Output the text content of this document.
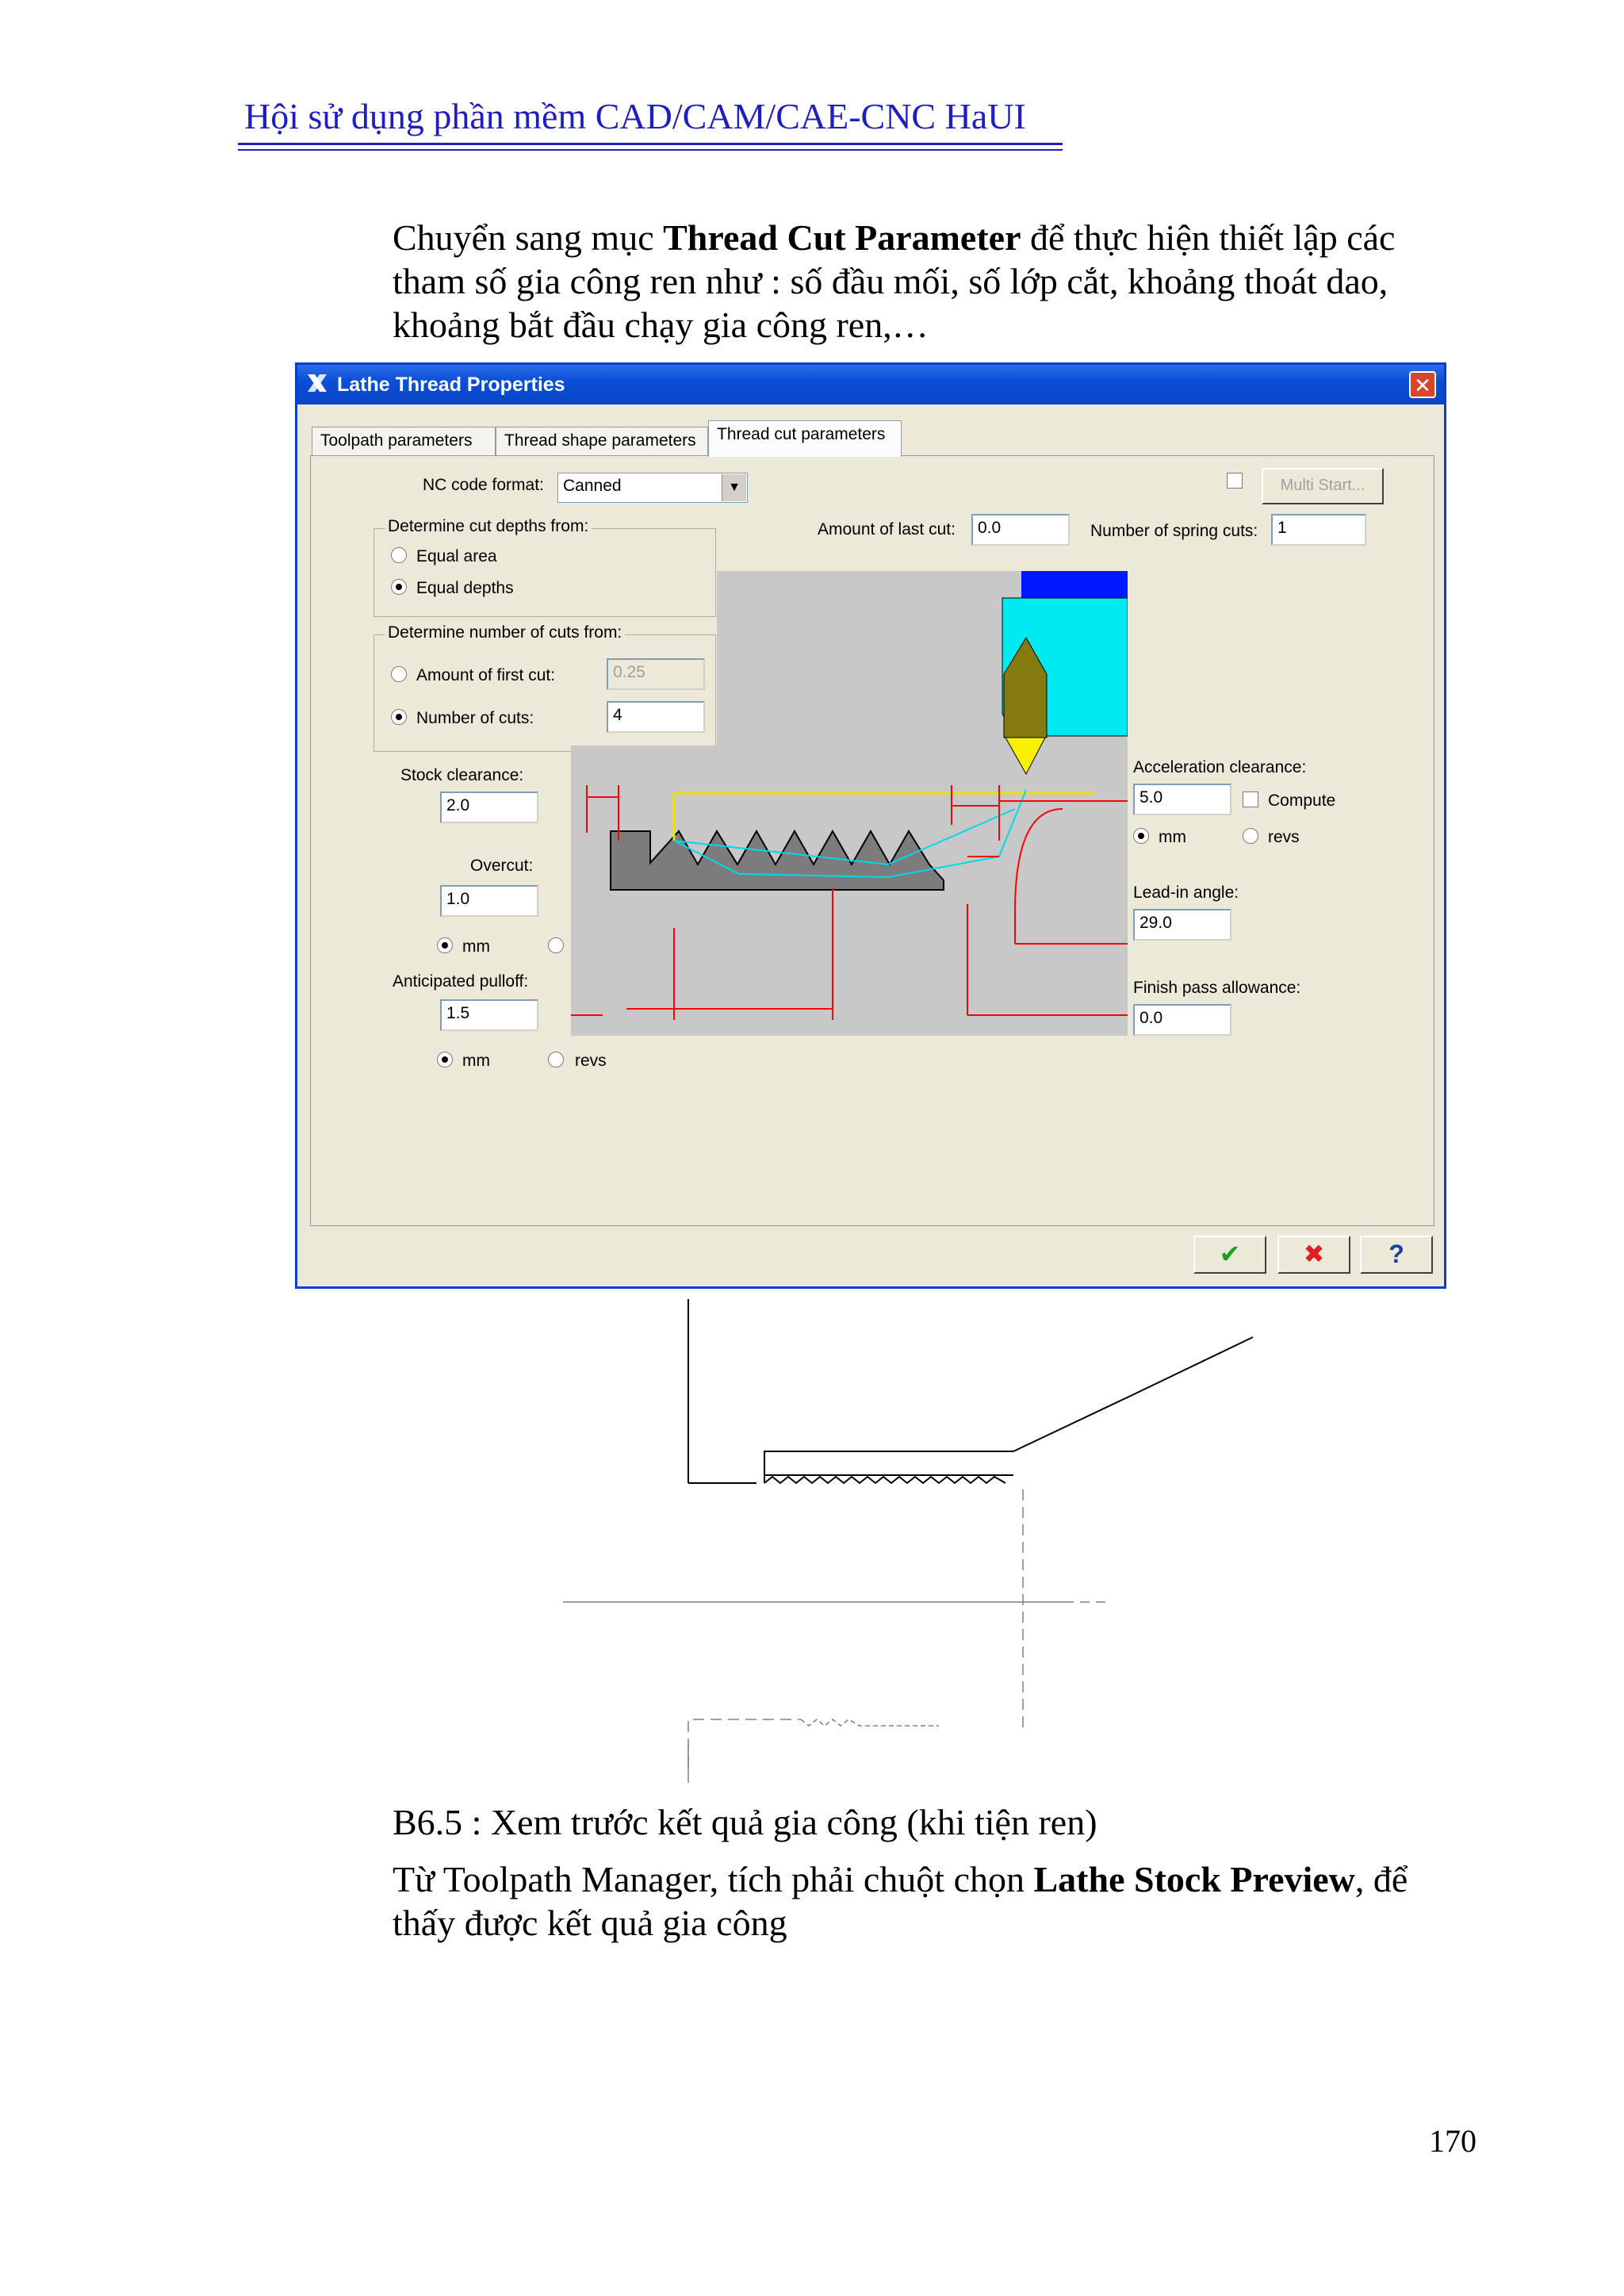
Hội sử dụng phần mềm CAD/CAM/CAE-CNC HaUI
Chuyển sang mục Thread Cut Parameter để thực hiện thiết lập các
tham số gia công ren như : số đầu mối, số lớp cắt, khoảng thoát dao,
khoảng bắt đầu chạy gia công ren,…
Lathe Thread Properties	✕
Toolpath parameters	Thread shape parameters	Thread cut parameters
NC code format:	Canned	▼	Multi Start...
Amount of last cut:	0.0	Number of spring cuts:	1
Determine cut depths from:
Equal area
Equal depths
Determine number of cuts from:
Amount of first cut:	0.25
Number of cuts:	4
Stock clearance:
2.0
Overcut:
1.0
mm
Anticipated pulloff:
1.5
mm	revs
Acceleration clearance:
5.0	Compute
mm	revs
Lead-in angle:
29.0
Finish pass allowance:
0.0
✔	✖	?
B6.5 : Xem trước kết quả gia công (khi tiện ren)
Từ Toolpath Manager, tích phải chuột chọn Lathe Stock Preview, để
thấy được kết quả gia công
170
